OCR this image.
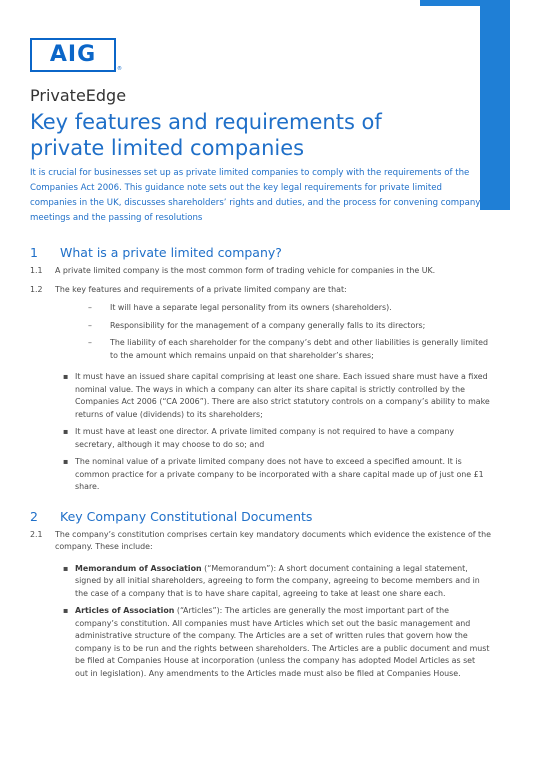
AIG
®
PrivateEdge
Key features and requirements of private limited companies

It is crucial for businesses set up as private limited companies to comply with the requirements of the Companies Act 2006. This guidance note sets out the key legal requirements for private limited companies in the UK, discusses shareholders’ rights and duties, and the process for convening company meetings and the passing of resolutions

1	What is a private limited company?
1.1	A private limited company is the most common form of trading vehicle for companies in the UK.
1.2	The key features and requirements of a private limited company are that:
–	It will have a separate legal personality from its owners (shareholders).
–	Responsibility for the management of a company generally falls to its directors;
–	The liability of each shareholder for the company’s debt and other liabilities is generally limited to the amount which remains unpaid on that shareholder’s shares;
▪ It must have an issued share capital comprising at least one share. Each issued share must have a fixed nominal value. The ways in which a company can alter its share capital is strictly controlled by the Companies Act 2006 (“CA 2006”). There are also strict statutory controls on a company’s ability to make returns of value (dividends) to its shareholders;
▪ It must have at least one director. A private limited company is not required to have a company secretary, although it may choose to do so; and
▪ The nominal value of a private limited company does not have to exceed a specified amount. It is common practice for a private company to be incorporated with a share capital made up of just one £1 share.
2	Key Company Constitutional Documents
2.1	The company’s constitution comprises certain key mandatory documents which evidence the existence of the company. These include:
▪ Memorandum of Association (“Memorandum”): A short document containing a legal statement, signed by all initial shareholders, agreeing to form the company, agreeing to become members and in the case of a company that is to have share capital, agreeing to take at least one share each.
▪ Articles of Association (“Articles”): The articles are generally the most important part of the company’s constitution. All companies must have Articles which set out the basic management and administrative structure of the company. The Articles are a set of written rules that govern how the company is to be run and the rights between shareholders. The Articles are a public document and must be filed at Companies House at incorporation (unless the company has adopted Model Articles as set out in legislation). Any amendments to the Articles made must also be filed at Companies House.
